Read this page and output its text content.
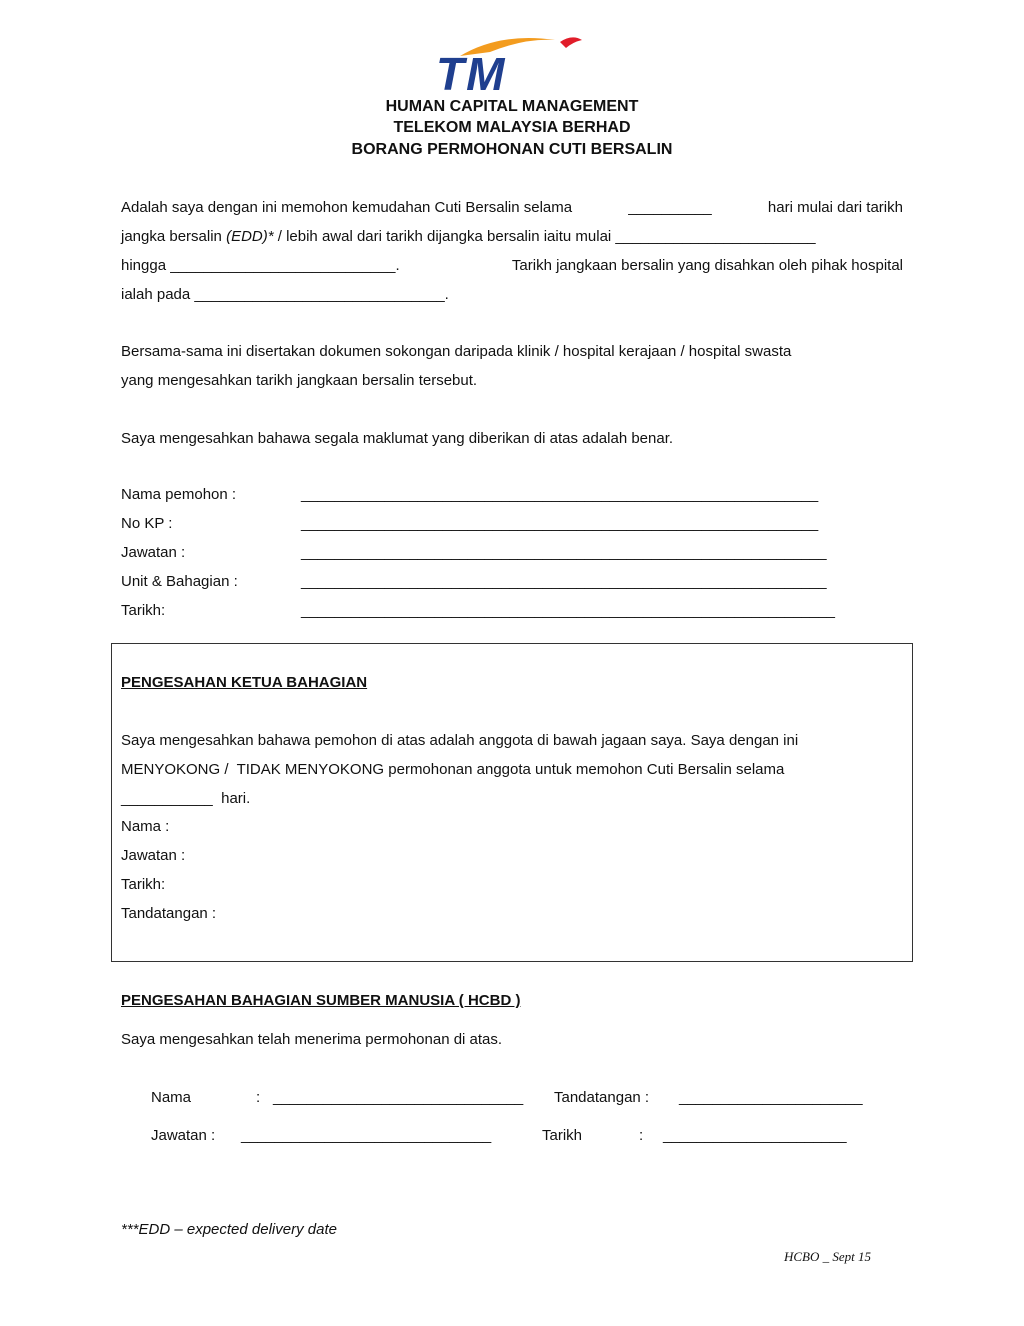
TM
HUMAN CAPITAL MANAGEMENT
TELEKOM MALAYSIA BERHAD
BORANG PERMOHONAN CUTI BERSALIN
Adalah saya dengan ini memohon kemudahan Cuti Bersalin selama	__________	hari mulai dari tarikh
jangka bersalin (EDD)* / lebih awal dari tarikh dijangka bersalin iaitu mulai ________________________
hingga ___________________________.	Tarikh jangkaan bersalin yang disahkan oleh pihak hospital
ialah pada ______________________________.
Bersama-sama ini disertakan dokumen sokongan daripada klinik / hospital kerajaan / hospital swasta
yang mengesahkan tarikh jangkaan bersalin tersebut.
Saya mengesahkan bahawa segala maklumat yang diberikan di atas adalah benar.
Nama pemohon :	______________________________________________________________
No KP :	______________________________________________________________
Jawatan :	_______________________________________________________________
Unit & Bahagian :	_______________________________________________________________
Tarikh:	________________________________________________________________
PENGESAHAN KETUA BAHAGIAN
Saya mengesahkan bahawa pemohon di atas adalah anggota di bawah jagaan saya. Saya dengan ini
MENYOKONG /  TIDAK MENYOKONG permohonan anggota untuk memohon Cuti Bersalin selama
___________  hari.
Nama :
Jawatan :
Tarikh:
Tandatangan :
PENGESAHAN BAHAGIAN SUMBER MANUSIA ( HCBD )
Saya mengesahkan telah menerima permohonan di atas.
Nama	: ______________________________ Tandatangan : ______________________
Jawatan : ______________________________	Tarikh	: ______________________
***EDD – expected delivery date
HCBO _ Sept 15
